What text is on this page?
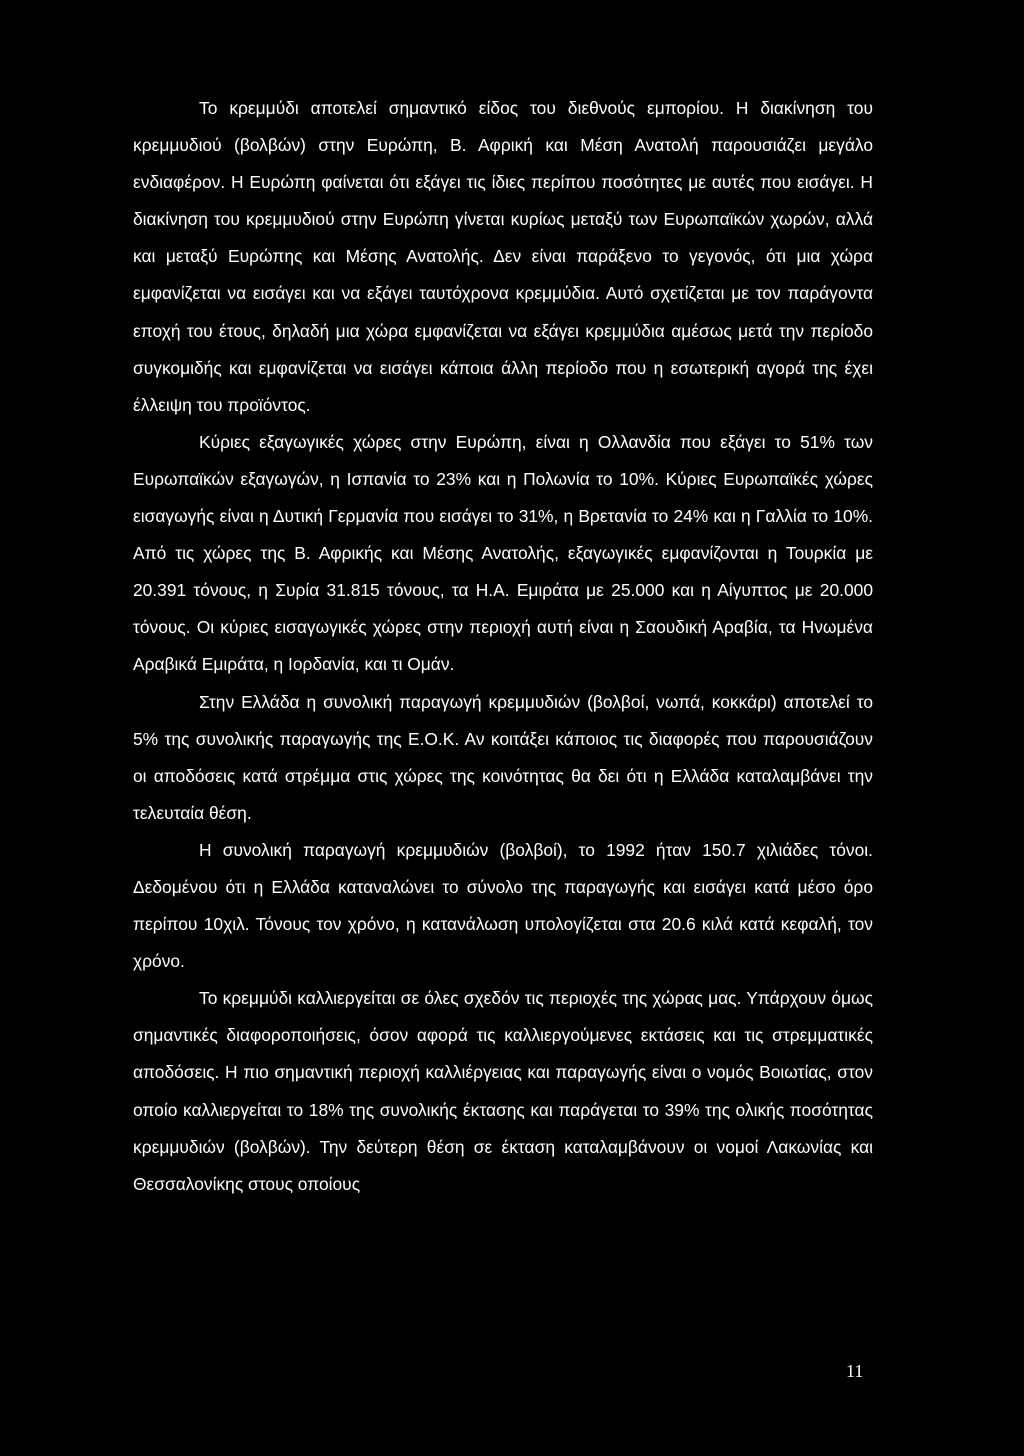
Το κρεμμύδι αποτελεί σημαντικό είδος του διεθνούς εμπορίου. Η διακίνηση του κρεμμυδιού (βολβών) στην Ευρώπη, Β. Αφρική και Μέση Ανατολή παρουσιάζει μεγάλο ενδιαφέρον. Η Ευρώπη φαίνεται ότι εξάγει τις ίδιες περίπου ποσότητες με αυτές που εισάγει. Η διακίνηση του κρεμμυδιού στην Ευρώπη γίνεται κυρίως μεταξύ των Ευρωπαϊκών χωρών, αλλά και μεταξύ Ευρώπης και Μέσης Ανατολής. Δεν είναι παράξενο το γεγονός, ότι μια χώρα εμφανίζεται να εισάγει και να εξάγει ταυτόχρονα κρεμμύδια. Αυτό σχετίζεται με τον παράγοντα εποχή του έτους, δηλαδή μια χώρα εμφανίζεται να εξάγει κρεμμύδια αμέσως μετά την περίοδο συγκομιδής και εμφανίζεται να εισάγει κάποια άλλη περίοδο που η εσωτερική αγορά της έχει έλλειψη του προϊόντος.

Κύριες εξαγωγικές χώρες στην Ευρώπη, είναι η Ολλανδία που εξάγει το 51% των Ευρωπαϊκών εξαγωγών, η Ισπανία το 23% και η Πολωνία το 10%. Κύριες Ευρωπαϊκές χώρες εισαγωγής είναι η Δυτική Γερμανία που εισάγει το 31%, η Βρετανία το 24% και η Γαλλία το 10%. Από τις χώρες της Β. Αφρικής και Μέσης Ανατολής, εξαγωγικές εμφανίζονται η Τουρκία με 20.391 τόνους, η Συρία 31.815 τόνους, τα Η.Α. Εμιράτα με 25.000 και η Αίγυπτος με 20.000 τόνους. Οι κύριες εισαγωγικές χώρες στην περιοχή αυτή είναι η Σαουδική Αραβία, τα Ηνωμένα Αραβικά Εμιράτα, η Ιορδανία, και τι Ομάν.

Στην Ελλάδα η συνολική παραγωγή κρεμμυδιών (βολβοί, νωπά, κοκκάρι) αποτελεί το 5% της συνολικής παραγωγής της Ε.Ο.Κ. Αν κοιτάξει κάποιος τις διαφορές που παρουσιάζουν οι αποδόσεις κατά στρέμμα στις χώρες της κοινότητας θα δει ότι η Ελλάδα καταλαμβάνει την τελευταία θέση.

Η συνολική παραγωγή κρεμμυδιών (βολβοί), το 1992 ήταν 150.7 χιλιάδες τόνοι. Δεδομένου ότι η Ελλάδα καταναλώνει το σύνολο της παραγωγής και εισάγει κατά μέσο όρο περίπου 10χιλ. Τόνους τον χρόνο, η κατανάλωση υπολογίζεται στα 20.6 κιλά κατά κεφαλή, τον χρόνο.

Το κρεμμύδι καλλιεργείται σε όλες σχεδόν τις περιοχές της χώρας μας. Υπάρχουν όμως σημαντικές διαφοροποιήσεις, όσον αφορά τις καλλιεργούμενες εκτάσεις και τις στρεμματικές αποδόσεις. Η πιο σημαντική περιοχή καλλιέργειας και παραγωγής είναι ο νομός Βοιωτίας, στον οποίο καλλιεργείται το 18% της συνολικής έκτασης και παράγεται το 39% της ολικής ποσότητας κρεμμυδιών (βολβών). Την δεύτερη θέση σε έκταση καταλαμβάνουν οι νομοί Λακωνίας και Θεσσαλονίκης στους οποίους

11
